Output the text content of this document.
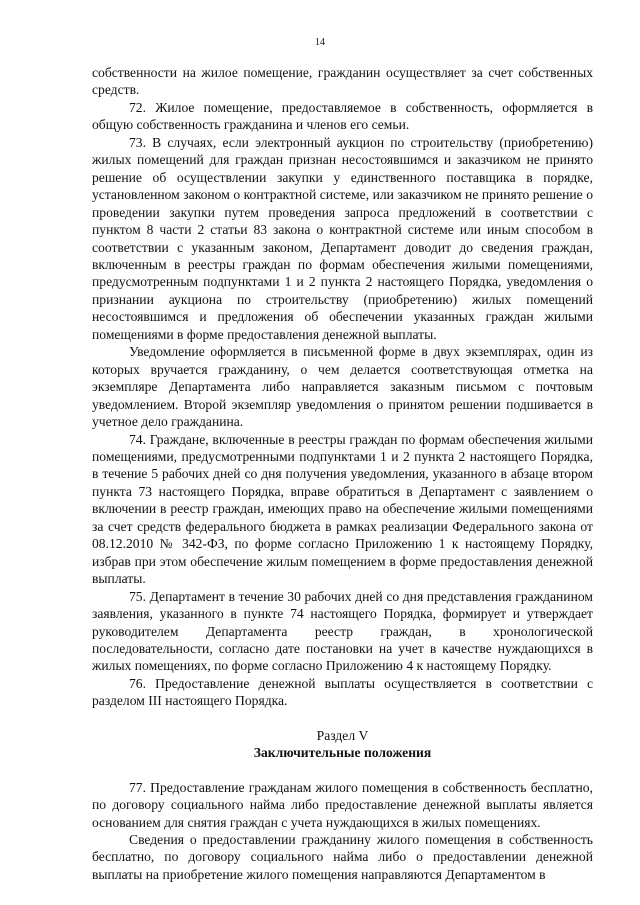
14

собственности на жилое помещение, гражданин осуществляет за счет собственных средств.

72. Жилое помещение, предоставляемое в собственность, оформляется в общую собственность гражданина и членов его семьи.

73. В случаях, если электронный аукцион по строительству (приобретению) жилых помещений для граждан признан несостоявшимся и заказчиком не принято решение об осуществлении закупки у единственного поставщика в порядке, установленном законом о контрактной системе, или заказчиком не принято решение о проведении закупки путем проведения запроса предложений в соответствии с пунктом 8 части 2 статьи 83 закона о контрактной системе или иным способом в соответствии с указанным законом, Департамент доводит до сведения граждан, включенным в реестры граждан по формам обеспечения жилыми помещениями, предусмотренным подпунктами 1 и 2 пункта 2 настоящего Порядка, уведомления о признании аукциона по строительству (приобретению) жилых помещений несостоявшимся и предложения об обеспечении указанных граждан жилыми помещениями в форме предоставления денежной выплаты.

Уведомление оформляется в письменной форме в двух экземплярах, один из которых вручается гражданину, о чем делается соответствующая отметка на экземпляре Департамента либо направляется заказным письмом с почтовым уведомлением. Второй экземпляр уведомления о принятом решении подшивается в учетное дело гражданина.

74. Граждане, включенные в реестры граждан по формам обеспечения жилыми помещениями, предусмотренными подпунктами 1 и 2 пункта 2 настоящего Порядка, в течение 5 рабочих дней со дня получения уведомления, указанного в абзаце втором пункта 73 настоящего Порядка, вправе обратиться в Департамент с заявлением о включении в реестр граждан, имеющих право на обеспечение жилыми помещениями за счет средств федерального бюджета в рамках реализации Федерального закона от 08.12.2010 № 342-ФЗ, по форме согласно Приложению 1 к настоящему Порядку, избрав при этом обеспечение жилым помещением в форме предоставления денежной выплаты.

75. Департамент в течение 30 рабочих дней со дня представления гражданином заявления, указанного в пункте 74 настоящего Порядка, формирует и утверждает руководителем Департамента реестр граждан, в хронологической последовательности, согласно дате постановки на учет в качестве нуждающихся в жилых помещениях, по форме согласно Приложению 4 к настоящему Порядку.

76. Предоставление денежной выплаты осуществляется в соответствии с разделом III настоящего Порядка.

Раздел V

Заключительные положения

77. Предоставление гражданам жилого помещения в собственность бесплатно, по договору социального найма либо предоставление денежной выплаты является основанием для снятия граждан с учета нуждающихся в жилых помещениях.

Сведения о предоставлении гражданину жилого помещения в собственность бесплатно, по договору социального найма либо о предоставлении денежной выплаты на приобретение жилого помещения направляются Департаментом в
